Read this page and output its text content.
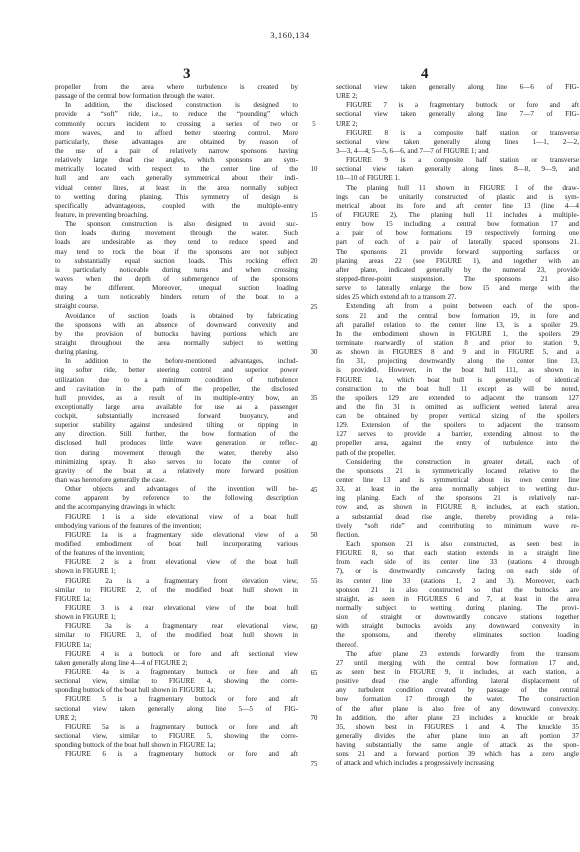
3,160,134
3	4
propeller from the area where turbulence is created by
passage of the central bow formation through the water.
In addition, the disclosed construction is designed to
provide a “soft” ride, i.e., to reduce the “pounding” which
commonly occurs incident to crossing a series of two or
more waves, and to afford better steering control. More
particularly, these advantages are obtained by reason of
the use of a pair of relatively narrow sponsons having
relatively large dead rise angles, which sponsons are sym-
metrically located with respect to the center line of the
hull and are each generally symmetrical about their indi-
vidual center lines, at least in the area normally subject
to wetting during planing. This symmetry of design is
specifically advantageous, coupled with the multiple-entry
feature, in preventing broaching.
The sponson construction is also designed to avoid suc-
tion loads during movement through the water. Such
loads are undesirable as they tend to reduce speed and
may tend to rock the boat if the sponsons are not subject
to substantially equal suction loads. This rocking effect
is particularly noticeable during turns and when crossing
waves when the depth of submergence of the sponsons
may be different. Moreover, unequal suction loading
during a turn noticeably hinders return of the boat to a
straight course.
Avoidance of suction loads is obtained by fabricating
the sponsons with an absence of downward convexity and
by the provision of buttocks having portions which are
straight throughout the area normally subject to wetting
during planing.
In addition to the before-mentioned advantages, includ-
ing softer ride, better steering control and superior power
utilization due to a minimum condition of turbulence
and cavitation in the path of the propeller, the disclosed
hull provides, as a result of its multiple-entry bow, an
exceptionally large area available for use as a passenger
cockpit, substantially increased forward buoyancy, and
superior stability against undesired tilting or tipping in
any direction. Still further, the bow formation of the
disclosed hull produces little wave generation or reflec-
tion during movement through the water, thereby also
minimizing spray. It also serves to locate the center of
gravity of the boat at a relatively more forward position
than was heretofore generally the case.
Other objects and advantages of the invention will be-
come apparent by reference to the following description
and the accompanying drawings in which:
FIGURE 1 is a side elevational view of a boat hull
embodying various of the features of the invention;
FIGURE 1a is a fragmentary side elevational view of a
modified embodiment of boat hull incorporating various
of the features of the invention;
FIGURE 2 is a front elevational view of the boat hull
shown in FIGURE 1;
FIGURE 2a is a fragmentary front elevation view,
similar to FIGURE 2, of the modified boat hull shown in
FIGURE 1a;
FIGURE 3 is a rear elevational view of the boat hull
shown in FIGURE 1;
FIGURE 3a is a fragmentary rear elevational view,
similar to FIGURE 3, of the modified boat hull shown in
FIGURE 1a;
FIGURE 4 is a buttock or fore and aft sectional view
taken generally along line 4—4 of FIGURE 2;
FIGURE 4a is a fragmentary buttock or fore and aft
sectional view, similar to FIGURE 4, showing the corre-
sponding buttock of the boat hull shown in FIGURE 1a;
FIGURE 5 is a fragmentary buttock or fore and aft
sectional view taken generally along line 5—5 of FIG-
URE 2;
FIGURE 5a is a fragmentary buttock or fore and aft
sectional view, similar to FIGURE 5, showing the corre-
sponding buttock of the boat hull shown in FIGURE 1a;
FIGURE 6 is a fragmentary buttock or fore and aft
sectional view taken generally along line 6—6 of FIG-
URE 2;
FIGURE 7 is a fragmentary buttock or fore and aft
sectional view taken generally along line 7—7 of FIG-
URE 2;
FIGURE 8 is a composite half station or transverse
sectional view taken generally along lines 1—1, 2—2,
3—3, 4—4, 5—5, 6—6, and 7—7 of FIGURE 1; and
FIGURE 9 is a composite half station or transverse
sectional view taken generally along lines 8—8, 9—9, and
10—10 of FIGURE 1.
The planing hull 11 shown in FIGURE 1 of the draw-
ings can be unitarily constructed of plastic and is sym-
metrical about its fore and aft center line 13 (line 4—4
of FIGURE 2). The planing hull 11 includes a multiple-
entry bow 15 including a central bow formation 17 and
a pair of bow formations 19 respectively forming one
part of each of a pair of laterally spaced sponsons 21.
The sponsons 21 provide forward supporting surfaces or
planing areas 22 (see FIGURE 1), and together with an
after plane, indicated generally by the numeral 23, provide
stepped-three-point suspension. The sponsons 21 also
serve to laterally enlarge the bow 15 and merge with the
sides 25 which extend aft to a transom 27.
Extending aft from a point between each of the spon-
sons 21 and the central bow formation 19, in fore and
aft parallel relation to the center line 13, is a spoiler 29.
In the embodiment shown in FIGURE 1, the spoilers 29
terminate rearwardly of station 8 and prior to station 9,
as shown in FIGURES 8 and 9 and in FIGURE 5, and a
fin 31, projecting downwardly along the center line 13,
is provided. However, in the boat hull 111, as shown in
FIGURE 1a, which boat hull is generally of identical
construction to the boat hull 11 except as will be noted,
the spoilers 129 are extended to adjacent the transom 127
and the fin 31 is omitted as sufficient wetted lateral area
can be obtained by proper vertical sizing of the spoilers
129. Extension of the spoilers to adjacent the transom
127 serves to provide a barrier, extending almost to the
propeller area, against the entry of turbulence into the
path of the propeller.
Considering the construction in greater detail, each of
the sponsons 21 is symmetrically located relative to the
center line 13 and is symmetrical about its own center line
33, at least in the area normally subject to wetting dur-
ing planing. Each of the sponsons 21 is relatively nar-
row and, as shown in FIGURE 8, includes, at each station,
a substantial dead rise angle, thereby providing a rela-
tively “soft ride” and contributing to minimum wave re-
flection.
Each sponson 21 is also constructed, as seen best in
FIGURE 8, so that each station extends in a straight line
from each side of its center line 33 (stations 4 through
7), or is downwardly concavely facing on each side of
its center line 33 (stations 1, 2 and 3). Moreover, each
sponson 21 is also constructed so that the buttocks are
straight, as seen in FIGURES 6 and 7, at least in the area
normally subject to wetting during planing. The provi-
sion of straight or downwardly concave stations together
with straight buttocks avoids any downward convexity in
the sponsons, and thereby eliminates suction loading
thereof.
The after plane 23 extends forwardly from the transom
27 until merging with the central bow formation 17 and,
as seen best in FIGURE 9, it includes, at each station, a
positive dead rise angle affording lateral displacement of
any turbulent condition created by passage of the central
bow formation 17 through the water. The construction
of the after plane is also free of any downward convexity.
In addition, the after plane 23 includes a knuckle or break
35, shown best in FIGURES 1 and 4. The knuckle 35
generally divides the after plane into an aft portion 37
having substantially the same angle of attack as the spon-
sons 21 and a forward portion 39 which has a zero angle
of attack and which includes a progressively increasing
5
10
15
20
25
30
35
40
45
50
55
60
65
70
75
